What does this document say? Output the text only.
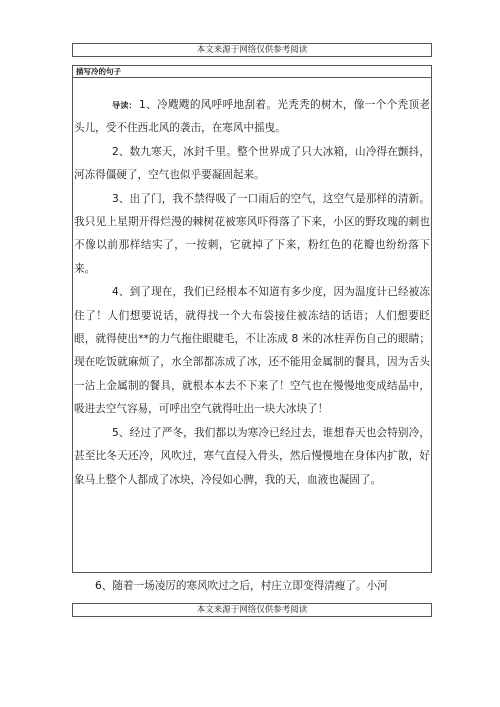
本文来源于网络仅供参考阅读
描写冷的句子

导读： 1、冷飕飕的风呼呼地刮着。光秃秃的树木，像一个个秃顶老头儿，受不住西北风的袭击，在寒风中摇曳。

2、数九寒天，冰封千里。整个世界成了只大冰箱，山冷得在颤抖，河冻得僵硬了，空气也似乎要凝固起来。

3、出了门，我不禁得吸了一口雨后的空气，这空气是那样的清新。我只见上星期开得烂漫的棘树花被寒风吓得落了下来，小区的野玫瑰的刺也不像以前那样结实了，一按刺，它就掉了下来，粉红色的花瓣也纷纷落下来。

4、到了现在，我们已经根本不知道有多少度，因为温度计已经被冻住了！人们想要说话，就得找一个大布袋接住被冻结的话语；人们想要眨眼，就得使出**的力气拖住眼睫毛，不让冻成 8 米的冰柱弄伤自己的眼睛；现在吃饭就麻烦了，水全部都冻成了冰，还不能用金属制的餐具，因为舌头一沾上金属制的餐具，就根本本去不下来了！空气也在慢慢地变成结晶中，吸进去空气容易，可呼出空气就得吐出一块大冰块了！

5、经过了严冬，我们都以为寒冷已经过去，谁想春天也会特别冷，甚至比冬天还冷，风吹过，寒气直侵入骨头，然后慢慢地在身体内扩散，好象马上整个人都成了冰块，冷侵如心脾，我的天，血液也凝固了。

6、随着一场凌厉的寒风吹过之后，村庄立即变得清瘦了。小河

本文来源于网络仅供参考阅读
